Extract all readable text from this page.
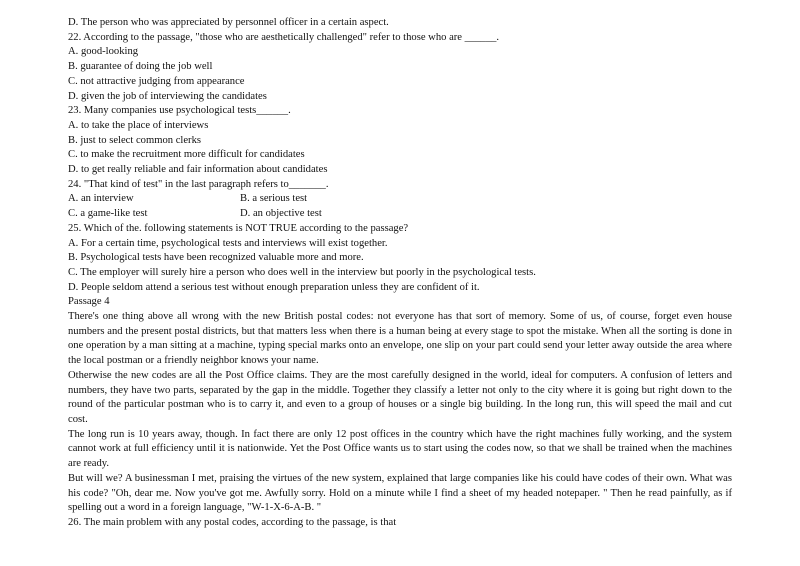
D. The person who was appreciated by personnel officer in a certain aspect.

22. According to the passage, "those who are aesthetically challenged" refer to those who are ______.

A. good-looking

B. guarantee of doing the job well

C. not attractive judging from appearance

D. given the job of interviewing the candidates

23. Many companies use psychological tests______.

A. to take the place of interviews

B. just to select common clerks

C. to make the recruitment more difficult for candidates

D. to get really reliable and fair information about candidates

24. "That kind of test" in the last paragraph refers to_______.

A. an interview	B. a serious test
C. a game-like test	D. an objective test

25. Which of the. following statements is NOT TRUE according to the passage?

A. For a certain time, psychological tests and interviews will exist together.

B. Psychological tests have been recognized valuable more and more.

C. The employer will surely hire a person who does well in the interview but poorly in the psychological tests.

D. People seldom attend a serious test without enough preparation unless they are confident of it.

Passage 4

There's one thing above all wrong with the new British postal codes: not everyone has that sort of memory. Some of us, of course, forget even house numbers and the present postal districts, but that matters less when there is a human being at every stage to spot the mistake. When all the sorting is done in one operation by a man sitting at a machine, typing special marks onto an envelope, one slip on your part could send your letter away outside the area where the local postman or a friendly neighbor knows your name.

Otherwise the new codes are all the Post Office claims. They are the most carefully designed in the world, ideal for computers. A confusion of letters and numbers, they have two parts, separated by the gap in the middle. Together they classify a letter not only to the city where it is going but right down to the round of the particular postman who is to carry it, and even to a group of houses or a single big building. In the long run, this will speed the mail and cut cost.

The long run is 10 years away, though. In fact there are only 12 post offices in the country which have the right machines fully working, and the system cannot work at full efficiency until it is nationwide. Yet the Post Office wants us to start using the codes now, so that we shall be trained when the machines are ready.

But will we? A businessman I met, praising the virtues of the new system, explained that large companies like his could have codes of their own. What was his code? "Oh, dear me. Now you've got me. Awfully sorry. Hold on a minute while I find a sheet of my headed notepaper. " Then he read painfully, as if spelling out a word in a foreign language, "W-1-X-6-A-B. "

26. The main problem with any postal codes, according to the passage, is that
